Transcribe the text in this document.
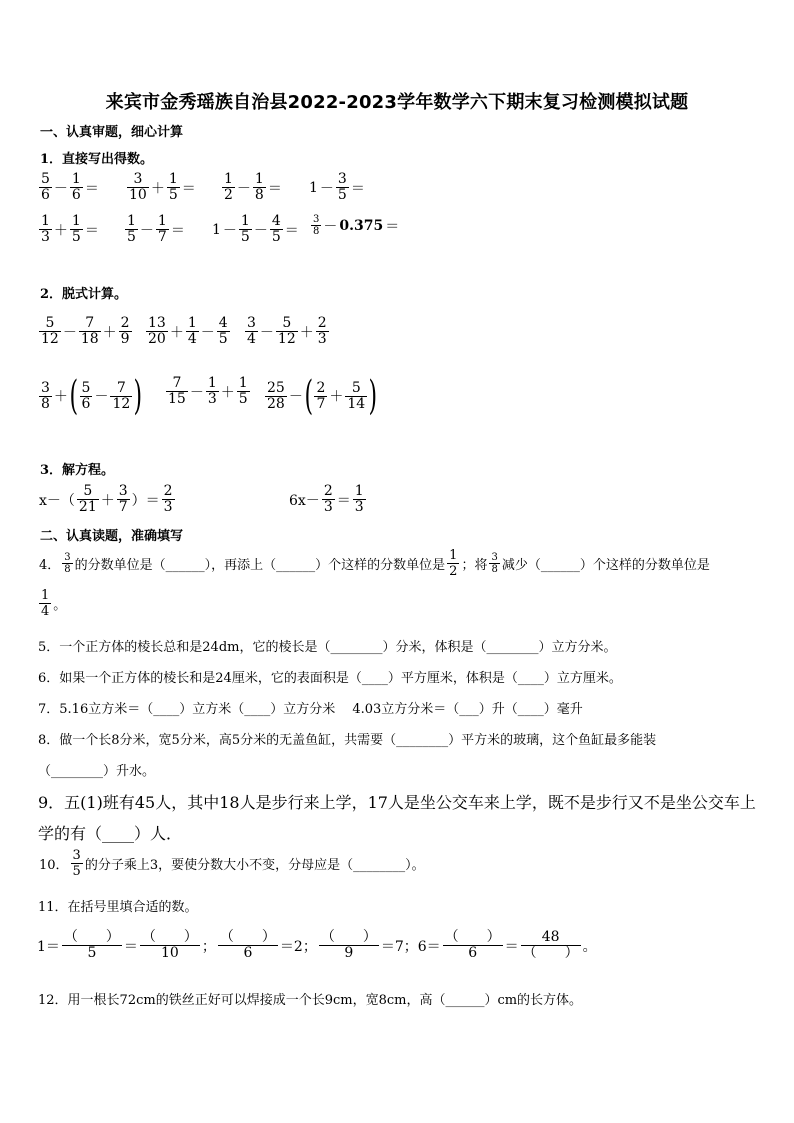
来宾市金秀瑶族自治县2022-2023学年数学六下期末复习检测模拟试题
一、认真审题，细心计算
1．直接写出得数。
$\frac{5}{6} - \frac{1}{6} = \frac{3}{10} + \frac{1}{5} = \frac{1}{2} - \frac{1}{8} = 1 - \frac{3}{5}$ ＝
$\frac{1}{3} + \frac{1}{5} = \frac{1}{5} - \frac{1}{7} = 1 - \frac{1}{5} - \frac{4}{5} = \frac{3}{8} - 0.375$ ＝
2．脱式计算。
$\frac{5}{12} - \frac{7}{18} + \frac{2}{9} \frac{13}{20} + \frac{1}{4} - \frac{4}{5} \frac{3}{4} - \frac{5}{12} + \frac{2}{3}$
$\frac{3}{8}$ ＋( $\frac{5}{6} - \frac{7}{12}$ ) $\frac{7}{15} - \frac{1}{3} + \frac{1}{5} \frac{25}{28}$ －( $\frac{2}{7} + \frac{5}{14}$ )
3．解方程。
$x-( \frac{5}{21} + \frac{3}{7}$ ）＝ $\frac{2}{3}$	$6x- \frac{2}{3} = \frac{1}{3}$
二、认真读题，准确填写
4． $\frac{3}{8}$ 的分数单位是（______），再添上（______）个这样的分数单位是 $\frac{1}{2}$ ；将 $\frac{3}{8}$ 减少（______）个这样的分数单位是
$\frac{1}{4}$ 。
5．一个正方体的棱长总和是24dm，它的棱长是（________）分米，体积是（________）立方分米。
6．如果一个正方体的棱长和是24厘米，它的表面积是（____）平方厘米，体积是（____）立方厘米。
7．5.16立方米＝（____）立方米（____）立方分米　 4.03立方分米＝（___）升（____）毫升
8．做一个长8分米，宽5分米，高5分米的无盖鱼缸，共需要（________）平方米的玻璃，这个鱼缸最多能装
（________）升水。
9．五(1)班有45人，其中18人是步行来上学，17人是坐公交车来上学，既不是步行又不是坐公交车上
学的有（____）人．
10． $\frac{3}{5}$ 的分子乘上3，要使分数大小不变，分母应是（________）。
11．在括号里填合适的数。
$1= \frac{( )}{5} = \frac{( )}{10}$ ； $\frac{( )}{6} =2$； $\frac{( )}{9} =7$；$6= \frac{( )}{6} = \frac{48}{( )}$ 。
12．用一根长72cm的铁丝正好可以焊接成一个长9cm，宽8cm，高（______）cm的长方体。
